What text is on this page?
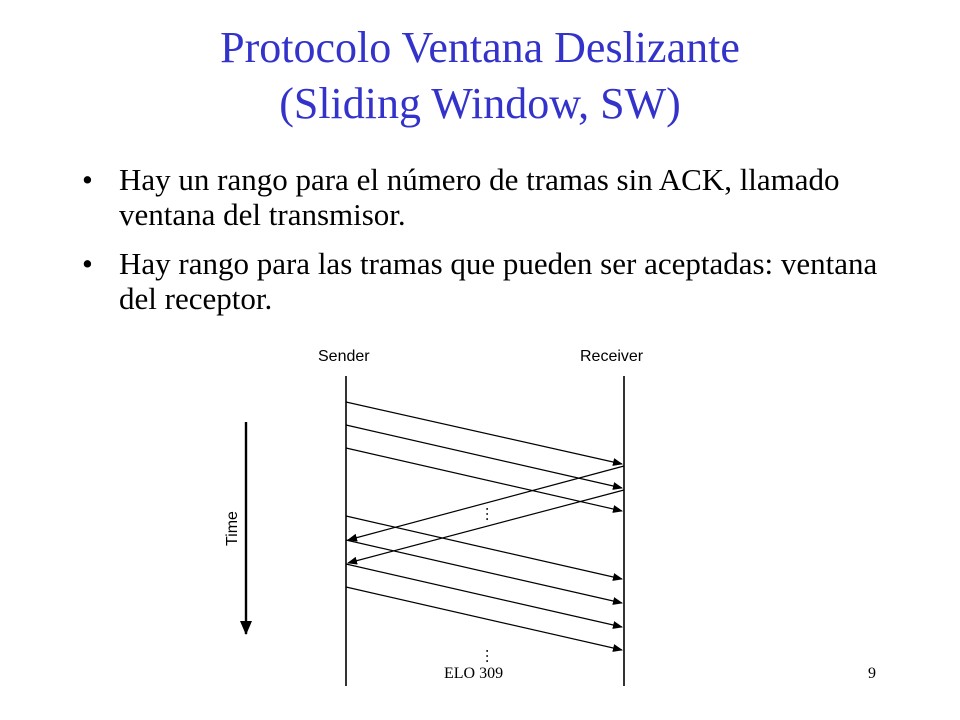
Protocolo Ventana Deslizante
(Sliding Window, SW)
• Hay un rango para el número de tramas sin ACK, llamado ventana del transmisor.
• Hay rango para las tramas que pueden ser aceptadas: ventana del receptor.
Sender	Receiver
Time	…
…
ELO 309	9
